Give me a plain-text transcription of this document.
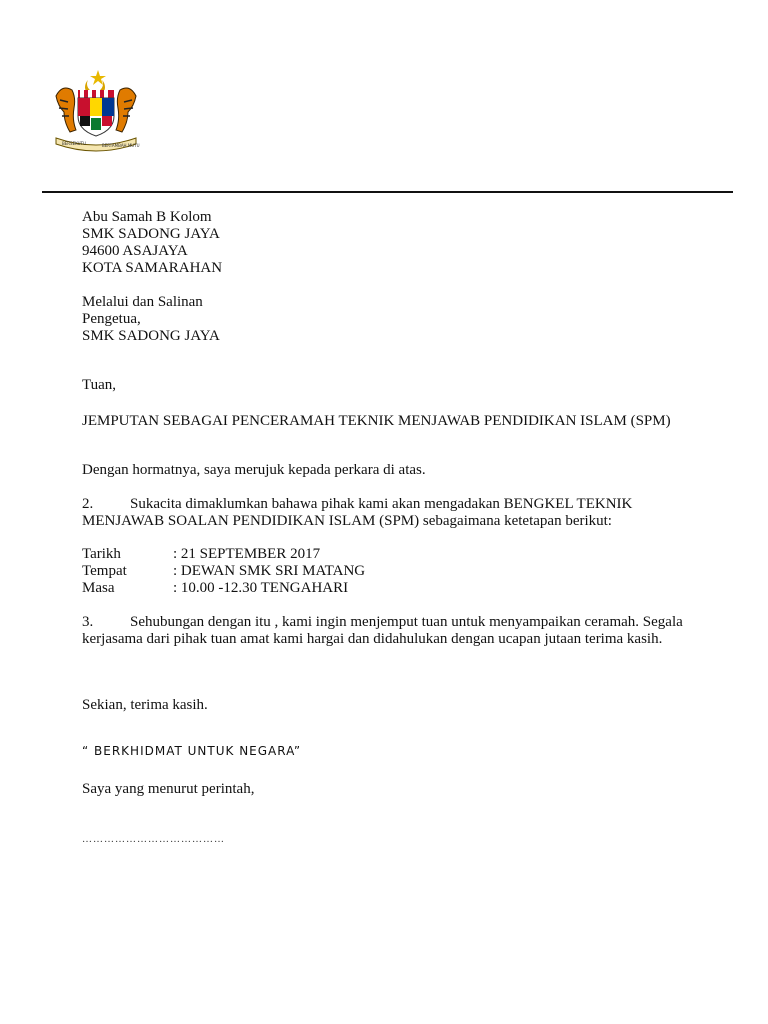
BERSEKUTU	BERTAMBAH MUTU
Abu Samah B Kolom
SMK SADONG JAYA
94600 ASAJAYA
KOTA SAMARAHAN
Melalui dan Salinan
Pengetua,
SMK SADONG JAYA
Tuan,
JEMPUTAN SEBAGAI PENCERAMAH TEKNIK MENJAWAB PENDIDIKAN ISLAM (SPM)
Dengan hormatnya, saya merujuk kepada perkara di atas.
2. Sukacita dimaklumkan bahawa pihak kami akan mengadakan BENGKEL TEKNIK
MENJAWAB SOALAN PENDIDIKAN ISLAM (SPM) sebagaimana ketetapan berikut:
Tarikh	: 21 SEPTEMBER 2017
Tempat	: DEWAN SMK SRI MATANG
Masa	: 10.00 -12.30 TENGAHARI
3. Sehubungan dengan itu , kami ingin menjemput tuan untuk menyampaikan ceramah. Segala
kerjasama dari pihak tuan amat kami hargai dan didahulukan dengan ucapan jutaan terima kasih.
Sekian, terima kasih.
“ BERKHIDMAT UNTUK NEGARA”
Saya yang menurut perintah,
…………………………………
